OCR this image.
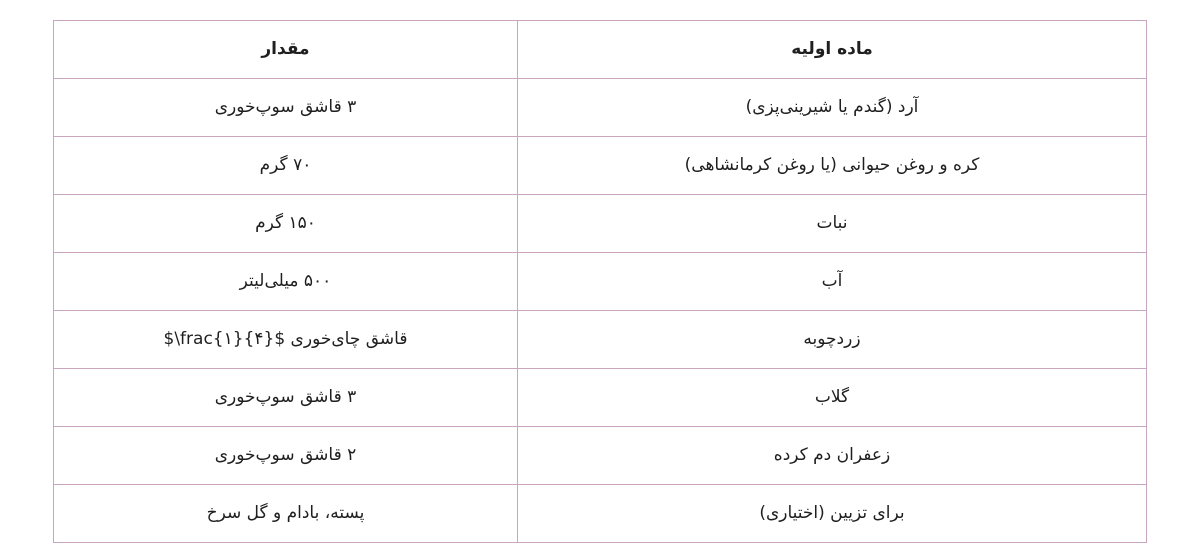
ماده اولیه	مقدار
آرد (گندم یا شیرینی‌پزی)	۳ قاشق سوپ‌خوری
کره و روغن حیوانی (یا روغن کرمانشاهی)	۷۰ گرم
نبات	۱۵۰ گرم
آب	۵۰۰ میلی‌لیتر
زردچوبه	$\frac{۱}{۴}$ قاشق چای‌خوری
گلاب	۳ قاشق سوپ‌خوری
زعفران دم کرده	۲ قاشق سوپ‌خوری
برای تزیین (اختیاری)	پسته، بادام و گل سرخ
